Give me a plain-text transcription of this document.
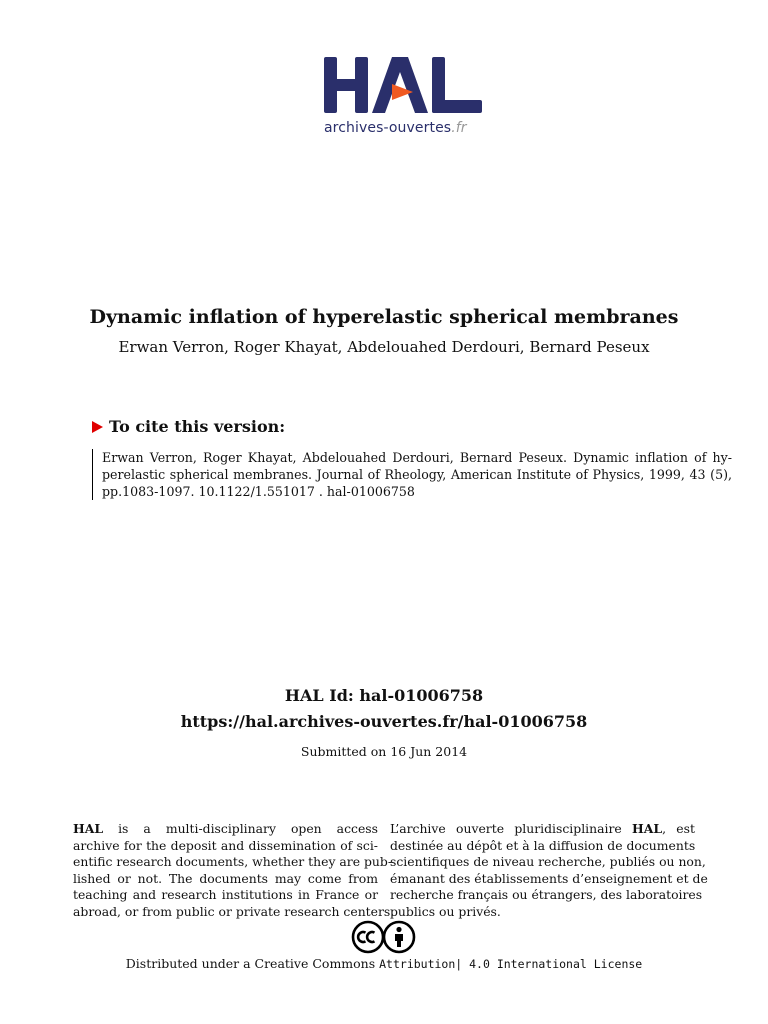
archives-ouvertes.fr
Dynamic inflation of hyperelastic spherical membranes
Erwan Verron, Roger Khayat, Abdelouahed Derdouri, Bernard Peseux
To cite this version:
Erwan Verron, Roger Khayat, Abdelouahed Derdouri, Bernard Peseux. Dynamic inflation of hy-
perelastic spherical membranes. Journal of Rheology, American Institute of Physics, 1999, 43 (5),
pp.1083-1097. 10.1122/1.551017 . hal-01006758
HAL Id: hal-01006758
https://hal.archives-ouvertes.fr/hal-01006758
Submitted on 16 Jun 2014
HAL is a multi-disciplinary open access
archive for the deposit and dissemination of sci-
entific research documents, whether they are pub-
lished or not. The documents may come from
teaching and research institutions in France or
abroad, or from public or private research centers.
L’archive ouverte pluridisciplinaire HAL, est
destinée au dépôt et à la diffusion de documents
scientifiques de niveau recherche, publiés ou non,
émanant des établissements d’enseignement et de
recherche français ou étrangers, des laboratoires
publics ou privés.
Distributed under a Creative Commons Attribution| 4.0 International License
